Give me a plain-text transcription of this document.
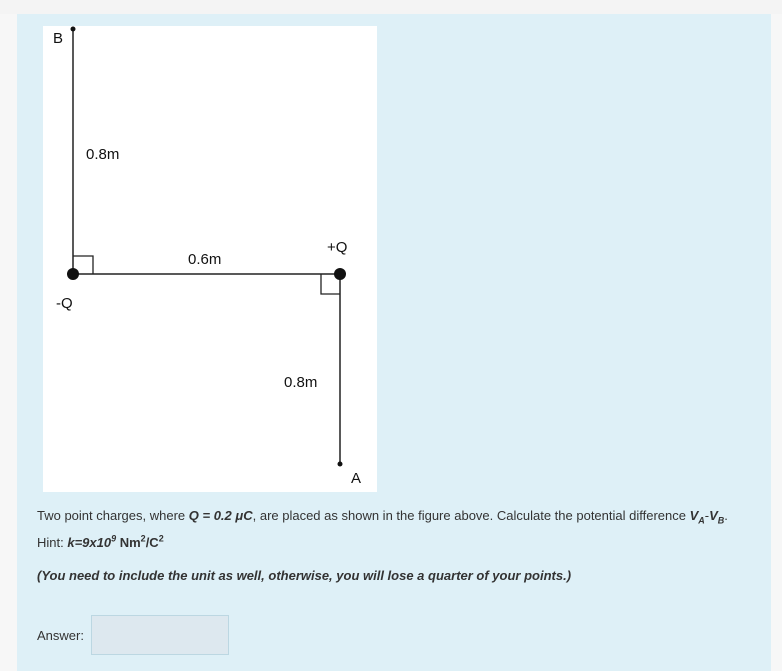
B
0.8m
+Q
0.6m
-Q
0.8m
A

Two point charges, where Q = 0.2 μC, are placed as shown in the figure above. Calculate the potential difference $V_A-V_B$.

Hint: $k=9x10^9$ $Nm^2/C^2$

(You need to include the unit as well, otherwise, you will lose a quarter of your points.)

Answer:
